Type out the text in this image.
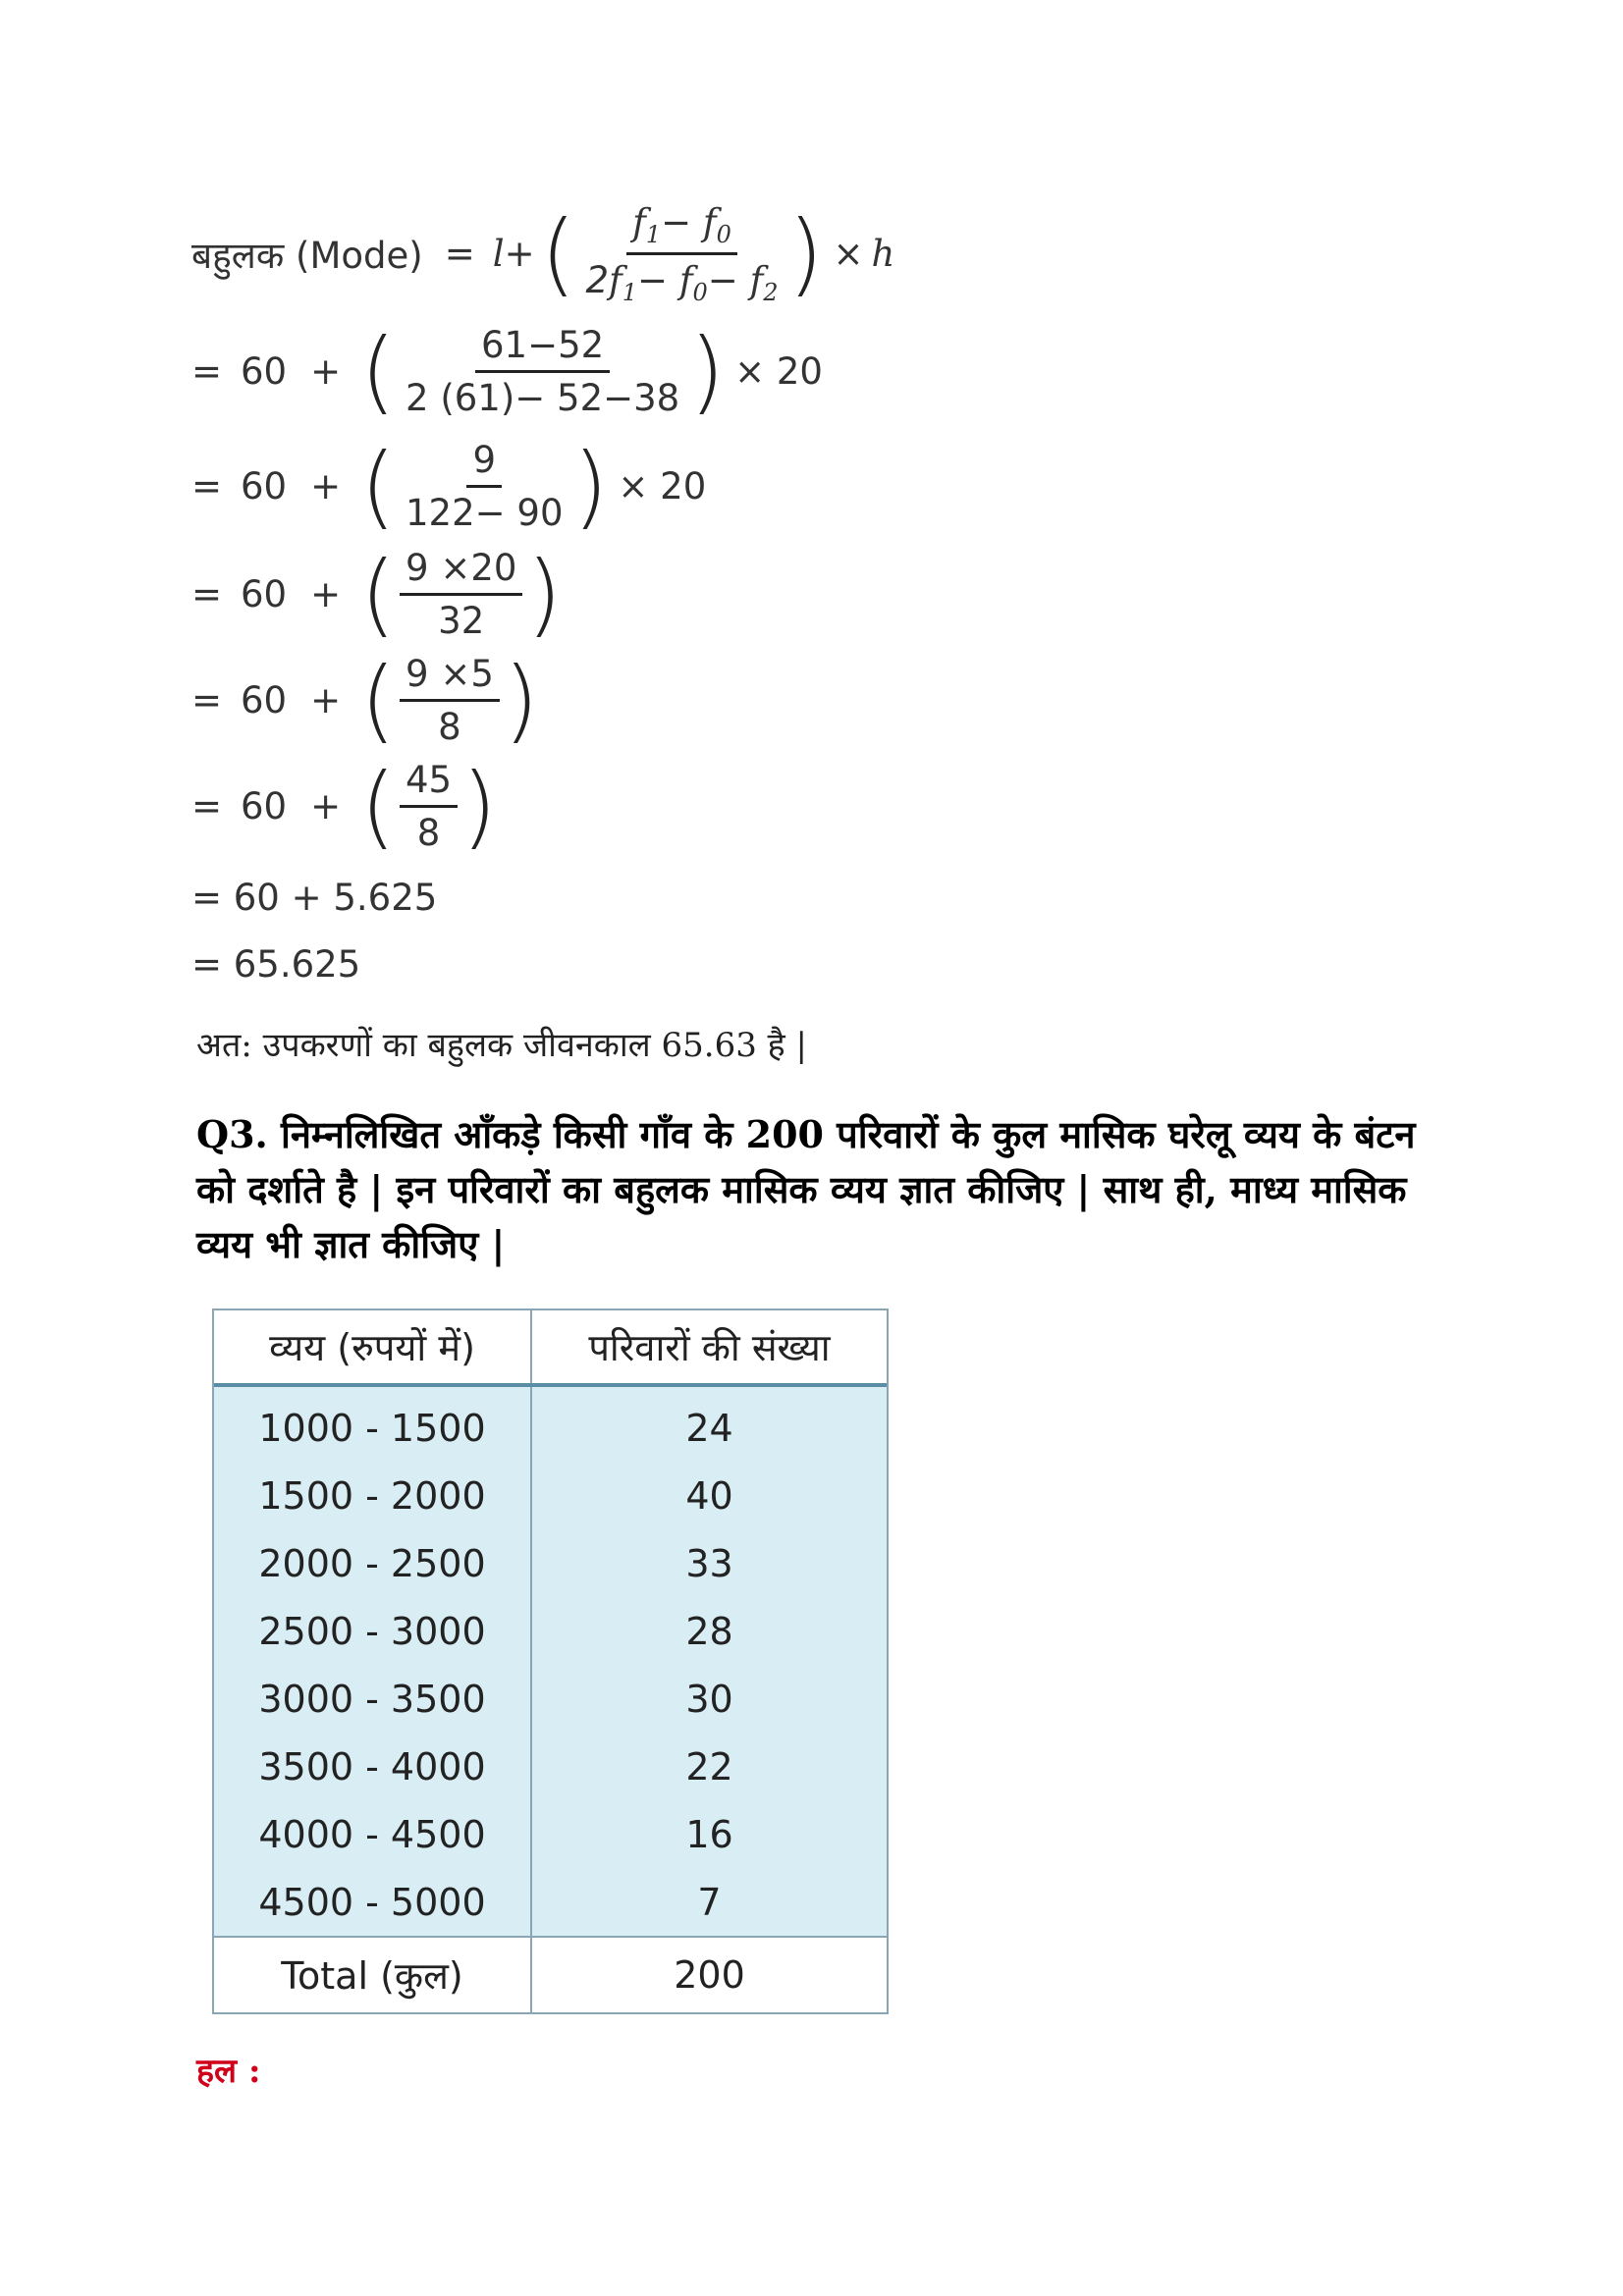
बहुलक (Mode) = l + ( $\frac{f_1- f_0}{2f_1- f_0- f_2}$ ) × h
= 60 + ( $\frac{61-52}{2 (61)- 52-38}$ ) × 20
= 60 + ( $\frac{9}{122- 90}$ ) × 20
= 60 + ( $\frac{9 \times 20}{32}$ )
= 60 + ( $\frac{9 \times 5}{8}$ )
= 60 + ( $\frac{45}{8}$ )
= 60 + 5.625
= 65.625
अत: उपकरणों का बहुलक जीवनकाल 65.63 है |
Q3. निम्नलिखित आँकड़े किसी गाँव के 200 परिवारों के कुल मासिक घरेलू व्यय के बंटन को दर्शाते है | इन परिवारों का बहुलक मासिक व्यय ज्ञात कीजिए | साथ ही, माध्य मासिक व्यय भी ज्ञात कीजिए |
व्यय (रुपयों में)	परिवारों की संख्या
1000 - 1500	24
1500 - 2000	40
2000 - 2500	33
2500 - 3000	28
3000 - 3500	30
3500 - 4000	22
4000 - 4500	16
4500 - 5000	7
Total (कुल)	200
हल :
